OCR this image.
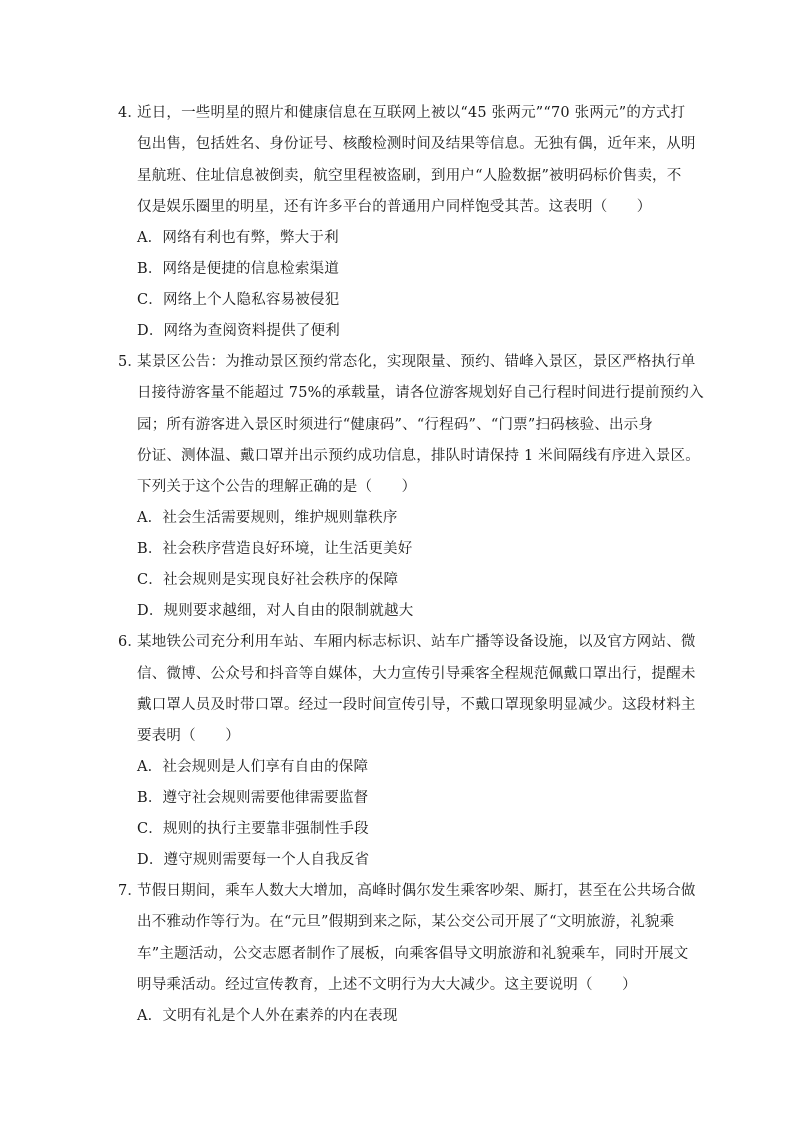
4．
近日，一些明星的照片和健康信息在互联网上被以“45 张两元”“70 张两元”的方式打
包出售，包括姓名、身份证号、核酸检测时间及结果等信息。无独有偶，近年来，从明
星航班、住址信息被倒卖，航空里程被盗刷，到用户“人脸数据”被明码标价售卖，不
仅是娱乐圈里的明星，还有许多平台的普通用户同样饱受其苦。这表明（　　）
A．网络有利也有弊，弊大于利
B．网络是便捷的信息检索渠道
C．网络上个人隐私容易被侵犯
D．网络为查阅资料提供了便利
5．
某景区公告：为推动景区预约常态化，实现限量、预约、错峰入景区，景区严格执行单
日接待游客量不能超过 75%的承载量，请各位游客规划好自己行程时间进行提前预约入
园；所有游客进入景区时须进行“健康码”、“行程码”、“门票”扫码核验、出示身
份证、测体温、戴口罩并出示预约成功信息，排队时请保持 1 米间隔线有序进入景区。
下列关于这个公告的理解正确的是（　　）
A．社会生活需要规则，维护规则靠秩序
B．社会秩序营造良好环境，让生活更美好
C．社会规则是实现良好社会秩序的保障
D．规则要求越细，对人自由的限制就越大
6．
某地铁公司充分利用车站、车厢内标志标识、站车广播等设备设施，以及官方网站、微
信、微博、公众号和抖音等自媒体，大力宣传引导乘客全程规范佩戴口罩出行，提醒未
戴口罩人员及时带口罩。经过一段时间宣传引导，不戴口罩现象明显减少。这段材料主
要表明（　　）
A．社会规则是人们享有自由的保障
B．遵守社会规则需要他律需要监督
C．规则的执行主要靠非强制性手段
D．遵守规则需要每一个人自我反省
7．
节假日期间，乘车人数大大增加，高峰时偶尔发生乘客吵架、厮打，甚至在公共场合做
出不雅动作等行为。在“元旦”假期到来之际，某公交公司开展了“文明旅游，礼貌乘
车”主题活动，公交志愿者制作了展板，向乘客倡导文明旅游和礼貌乘车，同时开展文
明导乘活动。经过宣传教育，上述不文明行为大大减少。这主要说明（　　）
A．文明有礼是个人外在素养的内在表现
